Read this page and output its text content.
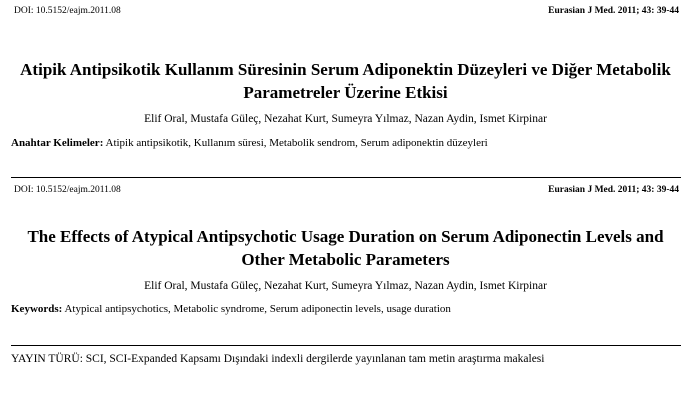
DOI: 10.5152/eajm.2011.08	Eurasian J Med. 2011; 43: 39-44
Atipik Antipsikotik Kullanım Süresinin Serum Adiponektin Düzeyleri ve Diğer Metabolik
Parametreler Üzerine Etkisi
Elif Oral, Mustafa Güleç, Nezahat Kurt, Sumeyra Yılmaz, Nazan Aydin, Ismet Kirpinar
Anahtar Kelimeler: Atipik antipsikotik, Kullanım süresi, Metabolik sendrom, Serum adiponektin düzeyleri
DOI: 10.5152/eajm.2011.08	Eurasian J Med. 2011; 43: 39-44
The Effects of Atypical Antipsychotic Usage Duration on Serum Adiponectin Levels and
Other Metabolic Parameters
Elif Oral, Mustafa Güleç, Nezahat Kurt, Sumeyra Yılmaz, Nazan Aydin, Ismet Kirpinar
Keywords: Atypical antipsychotics, Metabolic syndrome, Serum adiponectin levels, usage duration
YAYIN TÜRÜ: SCI, SCI-Expanded Kapsamı Dışındaki indexli dergilerde yayınlanan tam metin araştırma makalesi
